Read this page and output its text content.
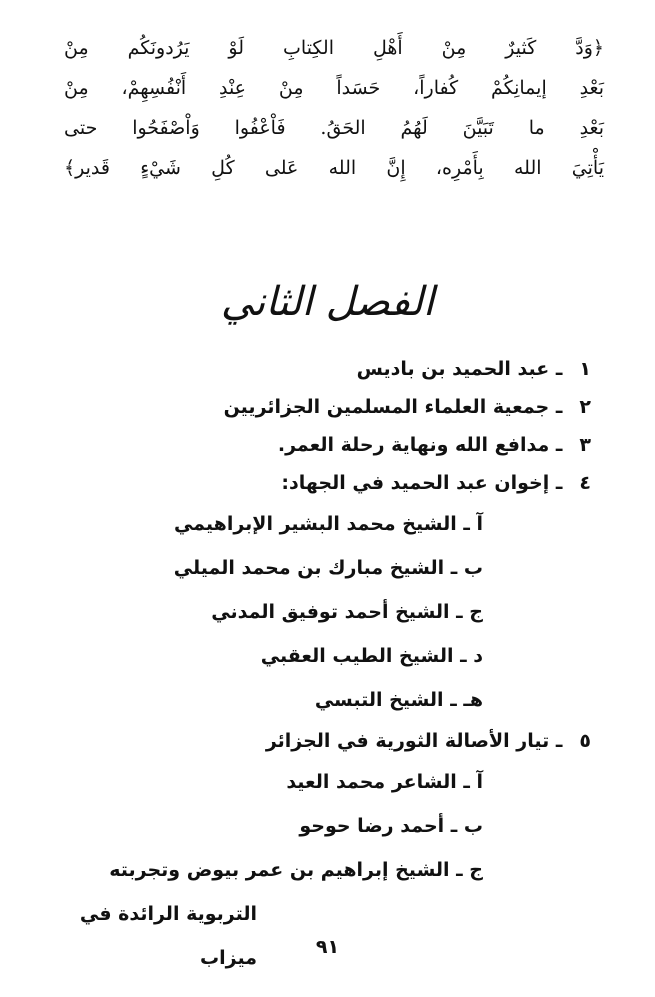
﴿وَدَّ كَثيرٌ مِنْ أَهْلِ الكِتابِ لَوْ يَرُدونَكُم مِنْ
بَعْدِ إيمانِكُمْ كُفاراً، حَسَداً مِنْ عِنْدِ أَنْفُسِهِمْ، مِنْ
بَعْدِ ما تَبَيَّنَ لَهُمُ الحَقُ. فَاْعْفُوا وَاْصْفَحُوا حتى
يَأْتِيَ الله بِأَمْرِه، إِنَّ الله عَلى كُلِ شَيْءٍ قَدير﴾
الفصل الثاني
١ ـ عبد الحميد بن باديس
٢ ـ جمعية العلماء المسلمين الجزائريين
٣ ـ مدافع الله ونهاية رحلة العمر.
٤ ـ إخوان عبد الحميد في الجهاد:
آ ـ الشيخ محمد البشير الإبراهيمي
ب ـ الشيخ مبارك بن محمد الميلي
ج ـ الشيخ أحمد توفيق المدني
د ـ الشيخ الطيب العقبي
هـ ـ الشيخ التبسي
٥ ـ تيار الأصالة الثورية في الجزائر
آ ـ الشاعر محمد العيد
ب ـ أحمد رضا حوحو
ج ـ الشيخ إبراهيم بن عمر بيوض وتجربته
التربوية الرائدة في ميزاب	٩١
